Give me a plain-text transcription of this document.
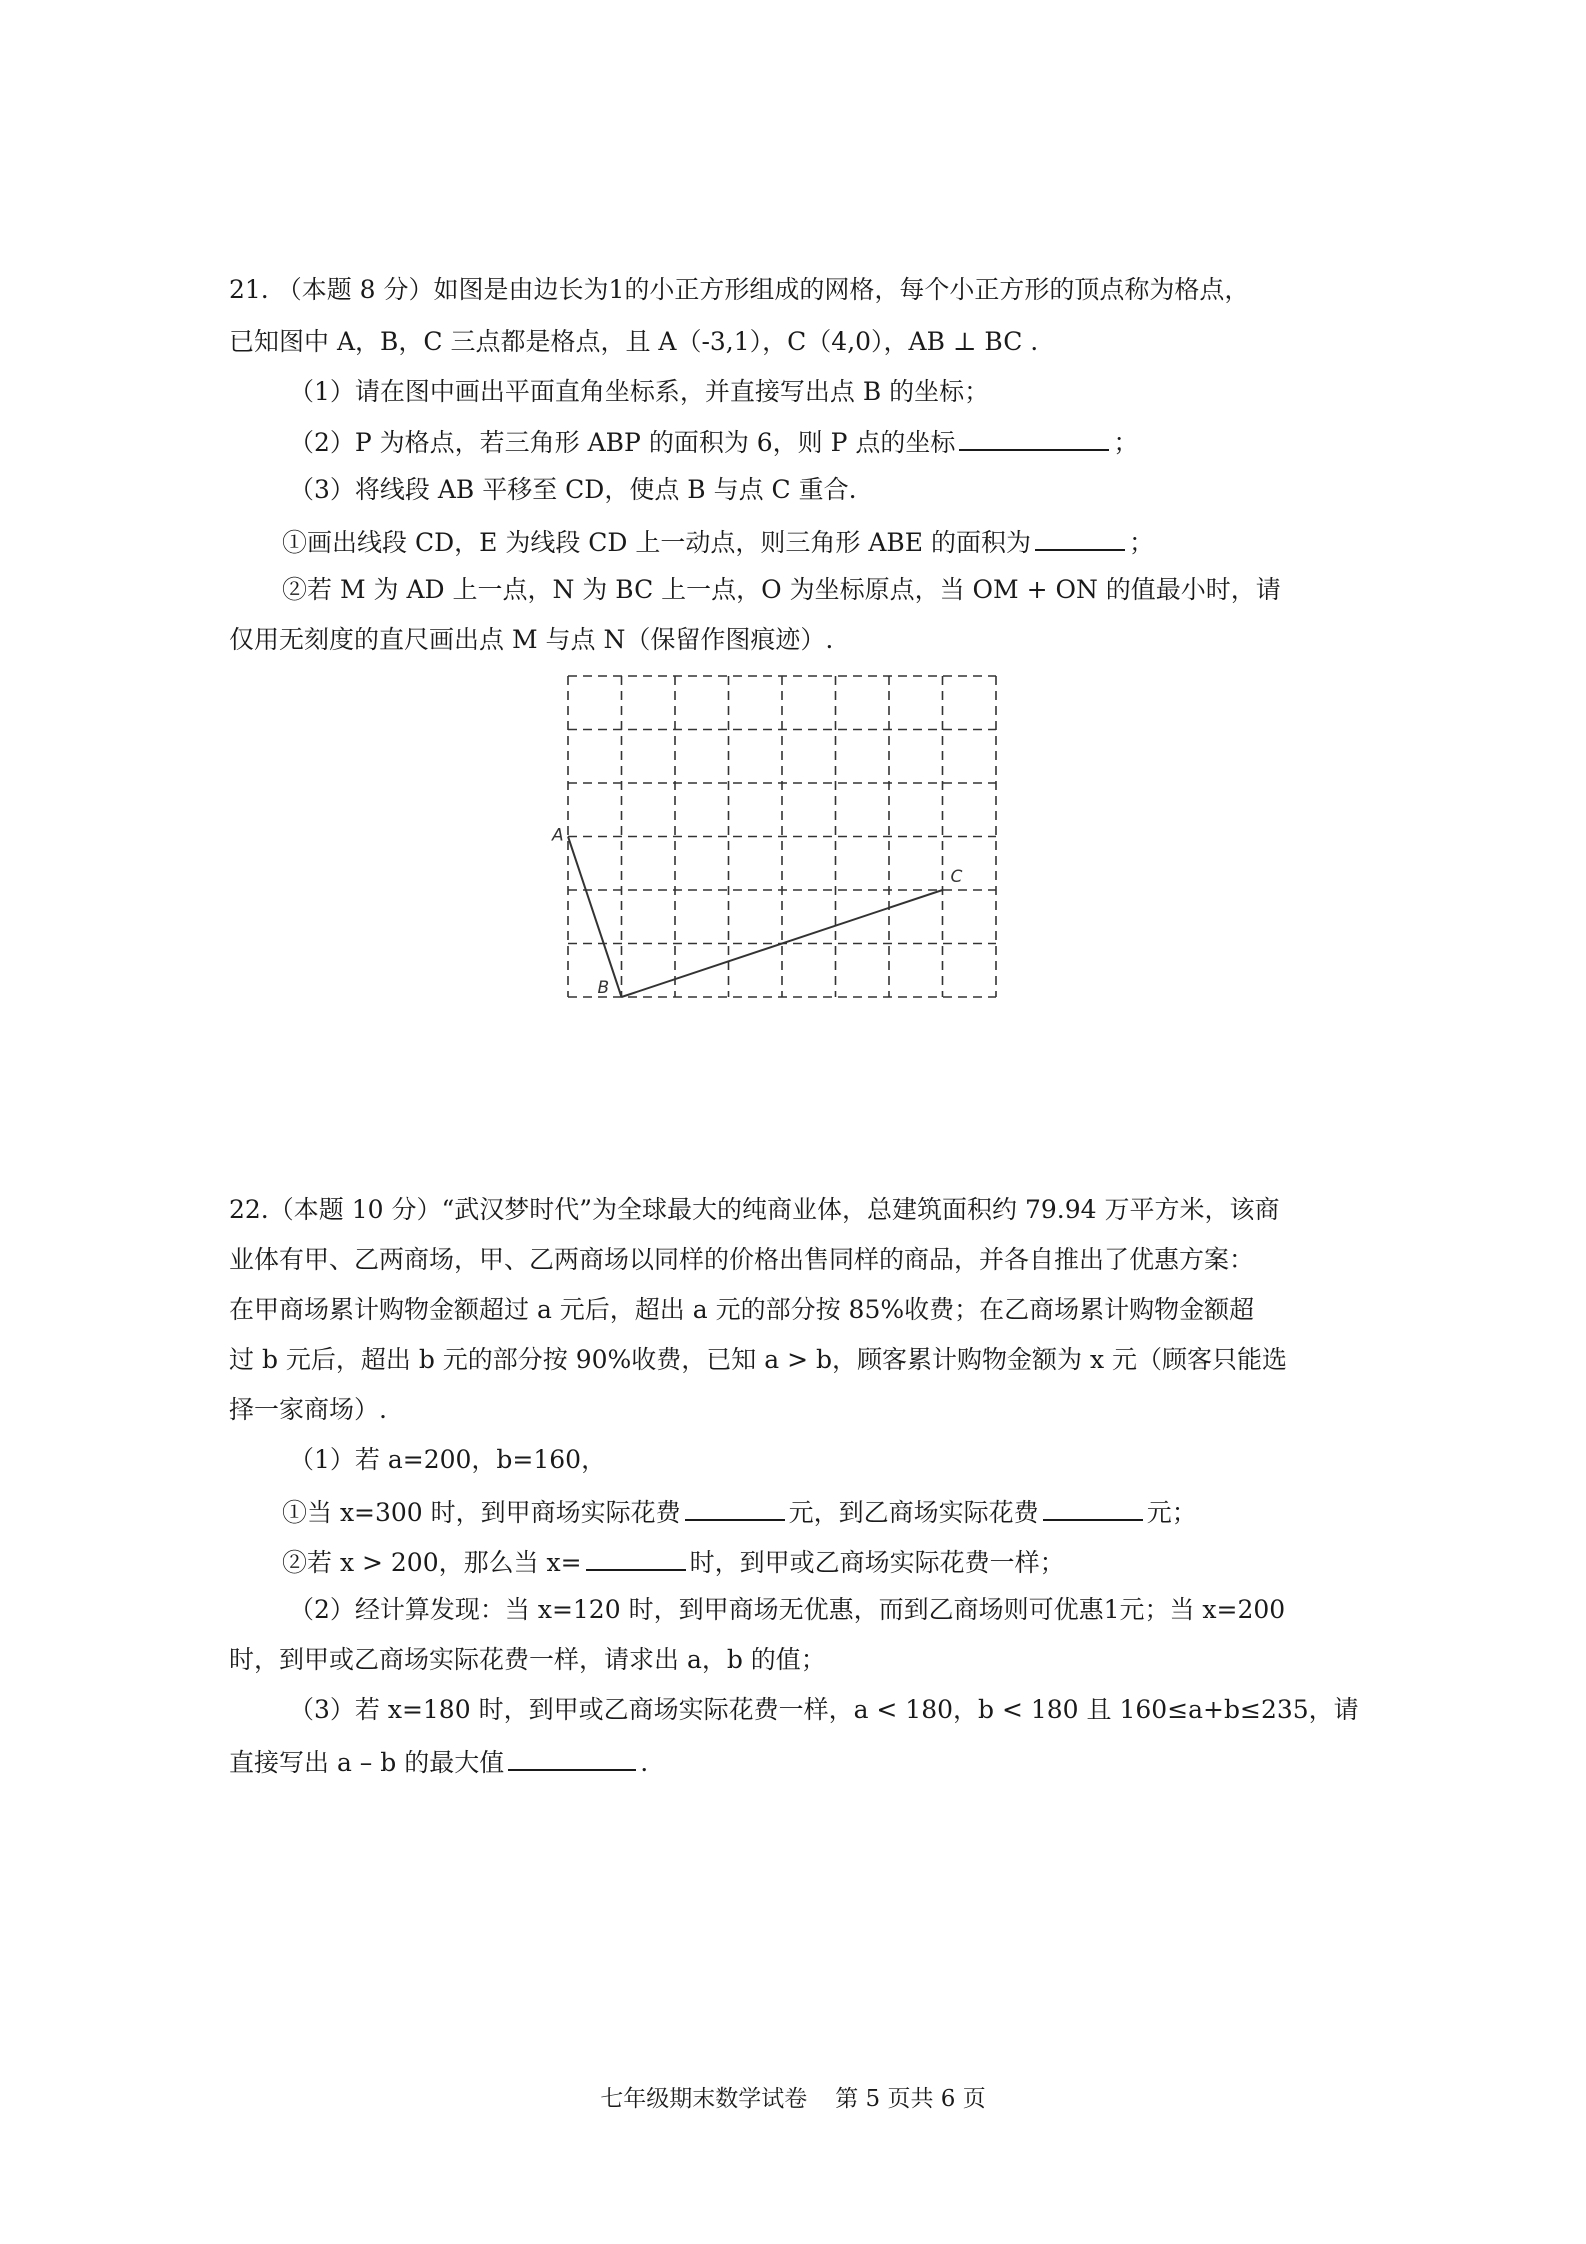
21. （本题 8 分）如图是由边长为1的小正方形组成的网格，每个小正方形的顶点称为格点，
已知图中 A，B，C 三点都是格点，且 A（-3,1），C（4,0），AB ⊥ BC .
（1）请在图中画出平面直角坐标系，并直接写出点 B 的坐标；
（2）P 为格点，若三角形 ABP 的面积为 6，则 P 点的坐标	；
（3）将线段 AB 平移至 CD，使点 B 与点 C 重合.
①画出线段 CD，E 为线段 CD 上一动点，则三角形 ABE 的面积为	；
②若 M 为 AD 上一点，N 为 BC 上一点，O 为坐标原点，当 OM + ON 的值最小时，请
仅用无刻度的直尺画出点 M 与点 N（保留作图痕迹）.
A
B
C
22.（本题 10 分）“武汉梦时代”为全球最大的纯商业体，总建筑面积约 79.94 万平方米，该商
业体有甲、乙两商场，甲、乙两商场以同样的价格出售同样的商品，并各自推出了优惠方案：
在甲商场累计购物金额超过 a 元后，超出 a 元的部分按 85%收费；在乙商场累计购物金额超
过 b 元后，超出 b 元的部分按 90%收费，已知 a > b，顾客累计购物金额为 x 元（顾客只能选
择一家商场）.
（1）若 a=200，b=160，
①当 x=300 时，到甲商场实际花费	元，到乙商场实际花费	元；
②若 x > 200，那么当 x=	时，到甲或乙商场实际花费一样；
（2）经计算发现：当 x=120 时，到甲商场无优惠，而到乙商场则可优惠1元；当 x=200
时，到甲或乙商场实际花费一样，请求出 a，b 的值；
（3）若 x=180 时，到甲或乙商场实际花费一样，a < 180，b < 180 且 160≤a+b≤235，请
直接写出 a – b 的最大值	.
七年级期末数学试卷 第 5 页共 6 页
